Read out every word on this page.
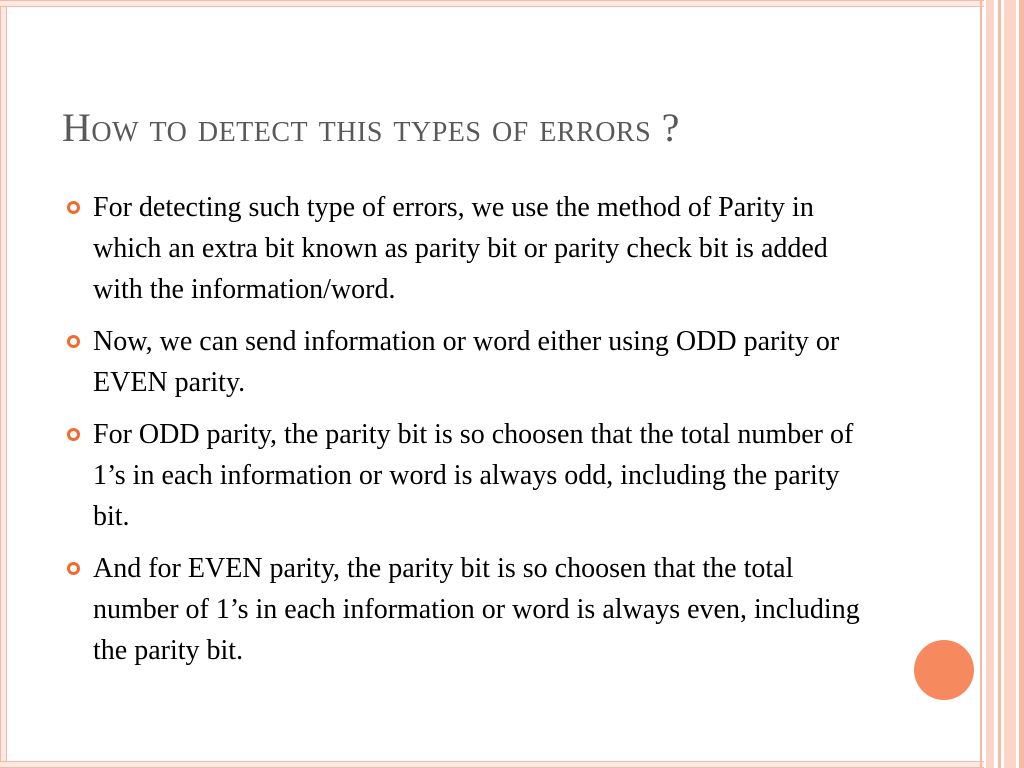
How to detect this types of errors ?
For detecting such type of errors, we use the method of Parity in which an extra bit known as parity bit or parity check bit is added with the information/word.
Now, we can send information or word either using ODD parity or EVEN parity.
For ODD parity, the parity bit is so choosen that the total number of 1’s in each information or word is always odd, including the parity bit.
And for EVEN parity, the parity bit is so choosen that the total number of 1’s in each information or word is always even, including the parity bit.
